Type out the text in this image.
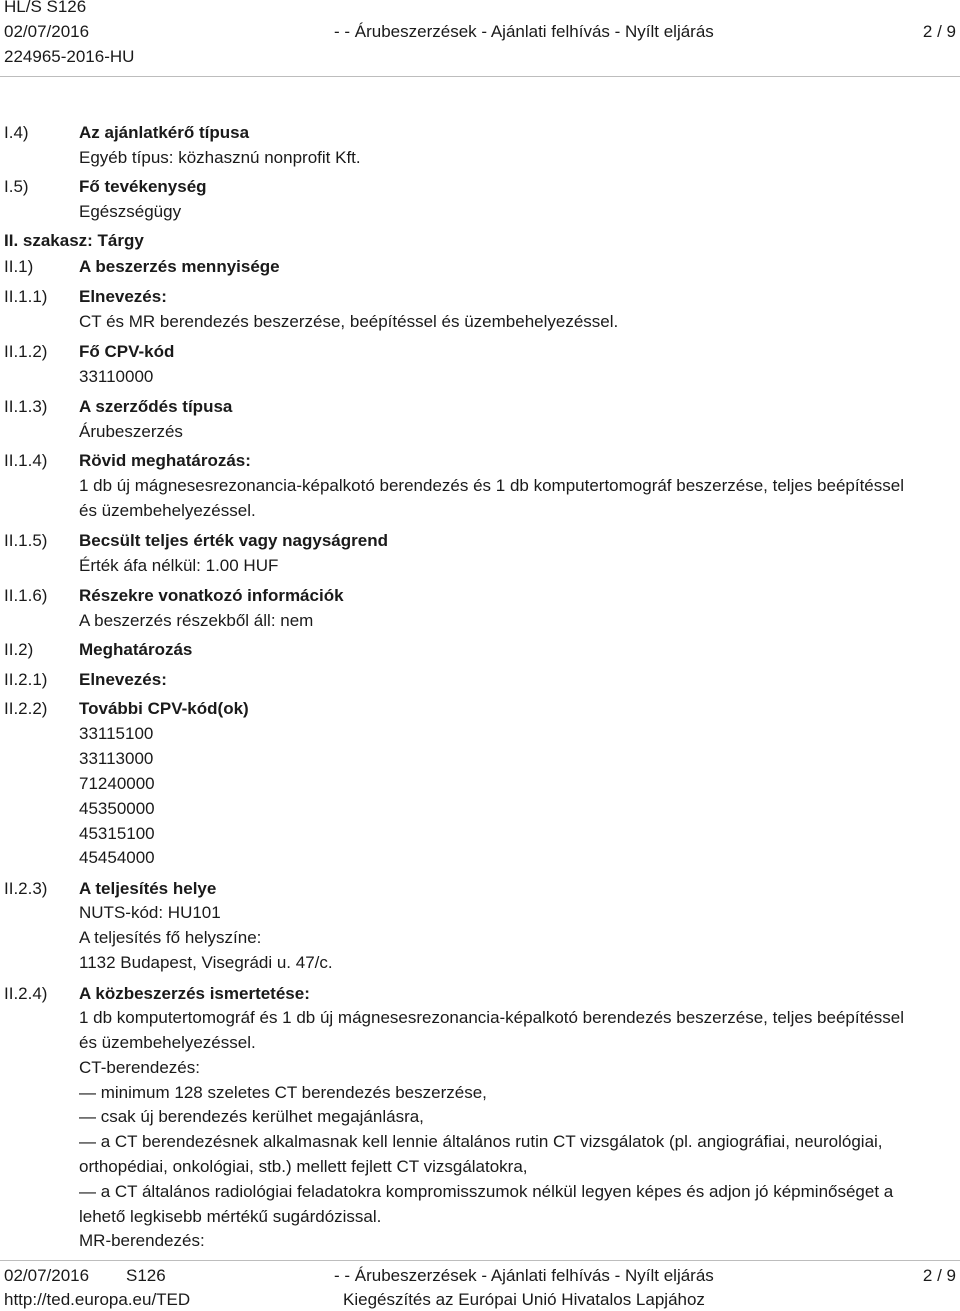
HL/S S126
02/07/2016	- - Árubeszerzések - Ajánlati felhívás - Nyílt eljárás	2 / 9
224965-2016-HU
I.4)	Az ajánlatkérő típusa
Egyéb típus: közhasznú nonprofit Kft.
I.5)	Fő tevékenység
Egészségügy
II. szakasz: Tárgy
II.1)	A beszerzés mennyisége
II.1.1) Elnevezés:
CT és MR berendezés beszerzése, beépítéssel és üzembehelyezéssel.
II.1.2) Fő CPV-kód
33110000
II.1.3) A szerződés típusa
Árubeszerzés
II.1.4) Rövid meghatározás:
1 db új mágnesesrezonancia-képalkotó berendezés és 1 db komputertomográf beszerzése, teljes beépítéssel
és üzembehelyezéssel.
II.1.5) Becsült teljes érték vagy nagyságrend
Érték áfa nélkül: 1.00 HUF
II.1.6) Részekre vonatkozó információk
A beszerzés részekből áll: nem
II.2)	Meghatározás
II.2.1) Elnevezés:
II.2.2) További CPV-kód(ok)
33115100
33113000
71240000
45350000
45315100
45454000
II.2.3) A teljesítés helye
NUTS-kód: HU101
A teljesítés fő helyszíne:
1132 Budapest, Visegrádi u. 47/c.
II.2.4) A közbeszerzés ismertetése:
1 db komputertomográf és 1 db új mágnesesrezonancia-képalkotó berendezés beszerzése, teljes beépítéssel
és üzembehelyezéssel.
CT-berendezés:
— minimum 128 szeletes CT berendezés beszerzése,
— csak új berendezés kerülhet megajánlásra,
— a CT berendezésnek alkalmasnak kell lennie általános rutin CT vizsgálatok (pl. angiográfiai, neurológiai,
orthopédiai, onkológiai, stb.) mellett fejlett CT vizsgálatokra,
— a CT általános radiológiai feladatokra kompromisszumok nélkül legyen képes és adjon jó képminőséget a
lehető legkisebb mértékű sugárdózissal.
MR-berendezés:
02/07/2016 S126	- - Árubeszerzések - Ajánlati felhívás - Nyílt eljárás	2 / 9
http://ted.europa.eu/TED	Kiegészítés az Európai Unió Hivatalos Lapjához
